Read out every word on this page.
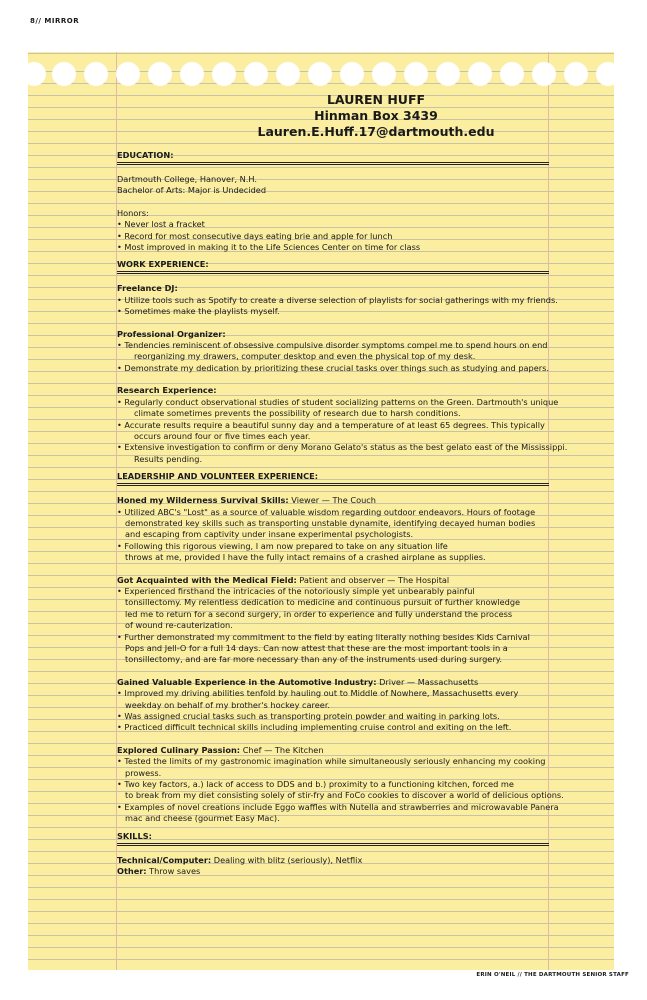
8// MIRROR
LAUREN HUFF
Hinman Box 3439
Lauren.E.Huff.17@dartmouth.edu
EDUCATION:
Dartmouth College, Hanover, N.H.
Bachelor of Arts: Major is Undecided
Honors:
• Never lost a fracket
• Record for most consecutive days eating brie and apple for lunch
• Most improved in making it to the Life Sciences Center on time for class
WORK EXPERIENCE:
Freelance DJ:
• Utilize tools such as Spotify to create a diverse selection of playlists for social gatherings with my friends.
• Sometimes make the playlists myself.
Professional Organizer:
• Tendencies reminiscent of obsessive compulsive disorder symptoms compel me to spend hours on end
reorganizing my drawers, computer desktop and even the physical top of my desk.
• Demonstrate my dedication by prioritizing these crucial tasks over things such as studying and papers.
Research Experience:
• Regularly conduct observational studies of student socializing patterns on the Green. Dartmouth's unique
climate sometimes prevents the possibility of research due to harsh conditions.
• Accurate results require a beautiful sunny day and a temperature of at least 65 degrees. This typically
occurs around four or five times each year.
• Extensive investigation to confirm or deny Morano Gelato's status as the best gelato east of the Mississippi.
Results pending.
LEADERSHIP AND VOLUNTEER EXPERIENCE:
Honed my Wilderness Survival Skills: Viewer — The Couch
• Utilized ABC's "Lost" as a source of valuable wisdom regarding outdoor endeavors. Hours of footage
demonstrated key skills such as transporting unstable dynamite, identifying decayed human bodies
and escaping from captivity under insane experimental psychologists.
• Following this rigorous viewing, I am now prepared to take on any situation life
throws at me, provided I have the fully intact remains of a crashed airplane as supplies.
Got Acquainted with the Medical Field: Patient and observer — The Hospital
• Experienced firsthand the intricacies of the notoriously simple yet unbearably painful
tonsillectomy. My relentless dedication to medicine and continuous pursuit of further knowledge
led me to return for a second surgery, in order to experience and fully understand the process
of wound re-cauterization.
• Further demonstrated my commitment to the field by eating literally nothing besides Kids Carnival
Pops and Jell-O for a full 14 days. Can now attest that these are the most important tools in a
tonsillectomy, and are far more necessary than any of the instruments used during surgery.
Gained Valuable Experience in the Automotive Industry: Driver — Massachusetts
• Improved my driving abilities tenfold by hauling out to Middle of Nowhere, Massachusetts every
weekday on behalf of my brother's hockey career.
• Was assigned crucial tasks such as transporting protein powder and waiting in parking lots.
• Practiced difficult technical skills including implementing cruise control and exiting on the left.
Explored Culinary Passion: Chef — The Kitchen
• Tested the limits of my gastronomic imagination while simultaneously seriously enhancing my cooking
prowess.
• Two key factors, a.) lack of access to DDS and b.) proximity to a functioning kitchen, forced me
to break from my diet consisting solely of stir-fry and FoCo cookies to discover a world of delicious options.
• Examples of novel creations include Eggo waffles with Nutella and strawberries and microwavable Panera
mac and cheese (gourmet Easy Mac).
SKILLS:
Technical/Computer: Dealing with blitz (seriously), Netflix
Other: Throw saves
ERIN O'NEIL // THE DARTMOUTH SENIOR STAFF
